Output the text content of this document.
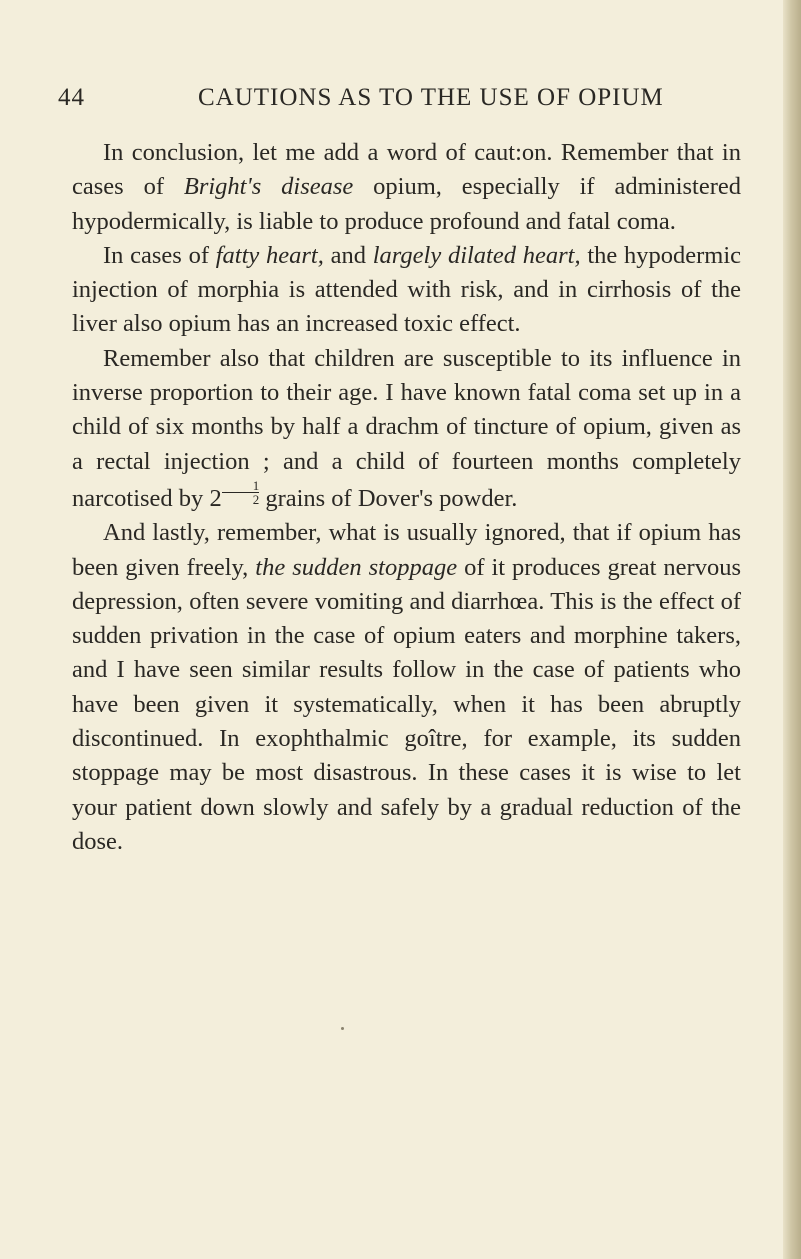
44	CAUTIONS AS TO THE USE OF OPIUM

In conclusion, let me add a word of caut:on. Remember that in cases of Bright's disease opium, especially if administered hypodermically, is liable to produce profound and fatal coma.

In cases of fatty heart, and largely dilated heart, the hypodermic injection of morphia is attended with risk, and in cirrhosis of the liver also opium has an increased toxic effect.

Remember also that children are susceptible to its influence in inverse proportion to their age. I have known fatal coma set up in a child of six months by half a drachm of tincture of opium, given as a rectal injection ; and a child of fourteen months completely narcotised by $2 \frac{1}{2}$ grains of Dover's powder.

And lastly, remember, what is usually ignored, that if opium has been given freely, the sudden stoppage of it produces great nervous depression, often severe vomiting and diarrhœa. This is the effect of sudden privation in the case of opium eaters and morphine takers, and I have seen similar results follow in the case of patients who have been given it systematically, when it has been abruptly discontinued. In exophthalmic goître, for example, its sudden stoppage may be most disastrous. In these cases it is wise to let your patient down slowly and safely by a gradual reduction of the dose.
